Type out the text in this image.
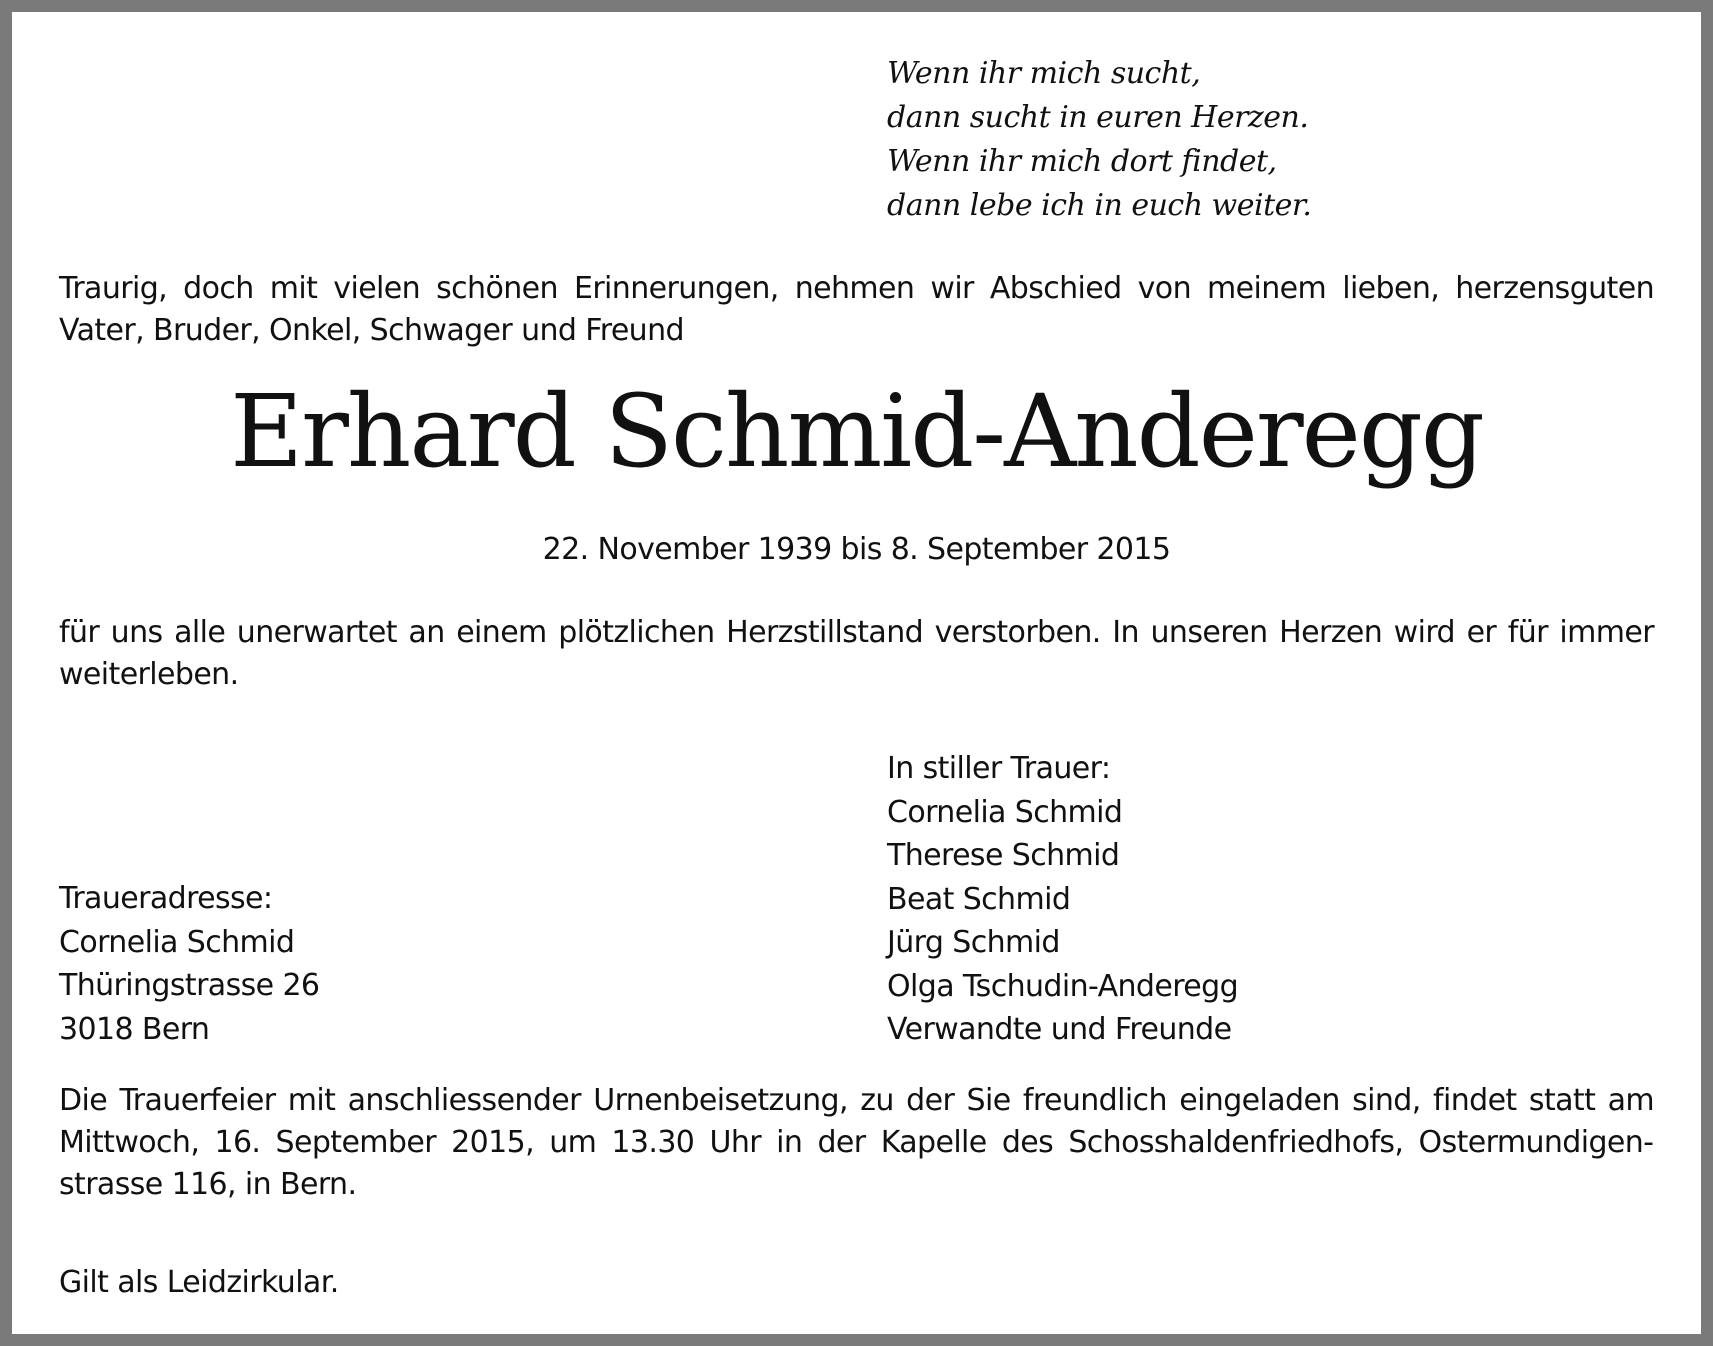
Wenn ihr mich sucht,
dann sucht in euren Herzen.
Wenn ihr mich dort findet,
dann lebe ich in euch weiter.
Traurig, doch mit vielen schönen Erinnerungen, nehmen wir Abschied von meinem lieben, herzensguten Vater, Bruder, Onkel, Schwager und Freund
Erhard Schmid-Anderegg
22. November 1939 bis 8. September 2015
für uns alle unerwartet an einem plötzlichen Herzstillstand verstorben. In unseren Herzen wird er für immer weiterleben.
In stiller Trauer:
Cornelia Schmid
Therese Schmid
Beat Schmid
Jürg Schmid
Olga Tschudin-Anderegg
Verwandte und Freunde
Traueradresse:
Cornelia Schmid
Thüringstrasse 26
3018 Bern
Die Trauerfeier mit anschliessender Urnenbeisetzung, zu der Sie freundlich eingeladen sind, findet statt am Mittwoch, 16. September 2015, um 13.30 Uhr in der Kapelle des Schosshaldenfriedhofs, Ostermundigenstrasse 116, in Bern.
Gilt als Leidzirkular.
